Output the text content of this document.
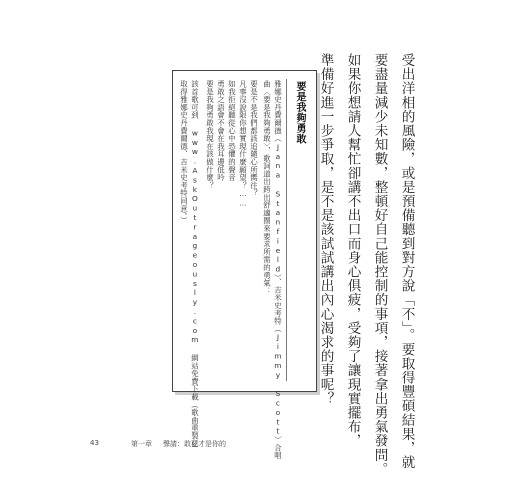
受出洋相的風險，或是預備聽到對方說「不」。要取得豐碩結果，就

要盡量減少未知數，整頓好自己能控制的事項，接著拿出勇氣發問。

如果你想請人幫忙卻講不出口而身心俱疲，受夠了讓現實擺布，

準備好進一步爭取，是不是該試試講出內心渴求的事呢？

要是我夠勇敢

雅娜史丹費爾德（Jana Stanfield）、吉米史考特（Jimmy Scott）合唱

曲〈要是我夠勇敢〉，歌詞道出跨出舒適圈來要求所需的勇氣：

要是不是我們都該追隨心所嚮往？

凡事沒說限你想實現什麼願望？……

如我拒絕聽從心中恐懼的聲音

勇敢之語會不會在我耳邊低吟

要是我夠勇敢我現在該做什麼？

該首歌可到 www.AskOutrageously.com 網站免費下載（歌曲重製已

取得雅娜史丹費爾德、吉米史考特同意。）

43	第一章 聲請：敢要才是你的
